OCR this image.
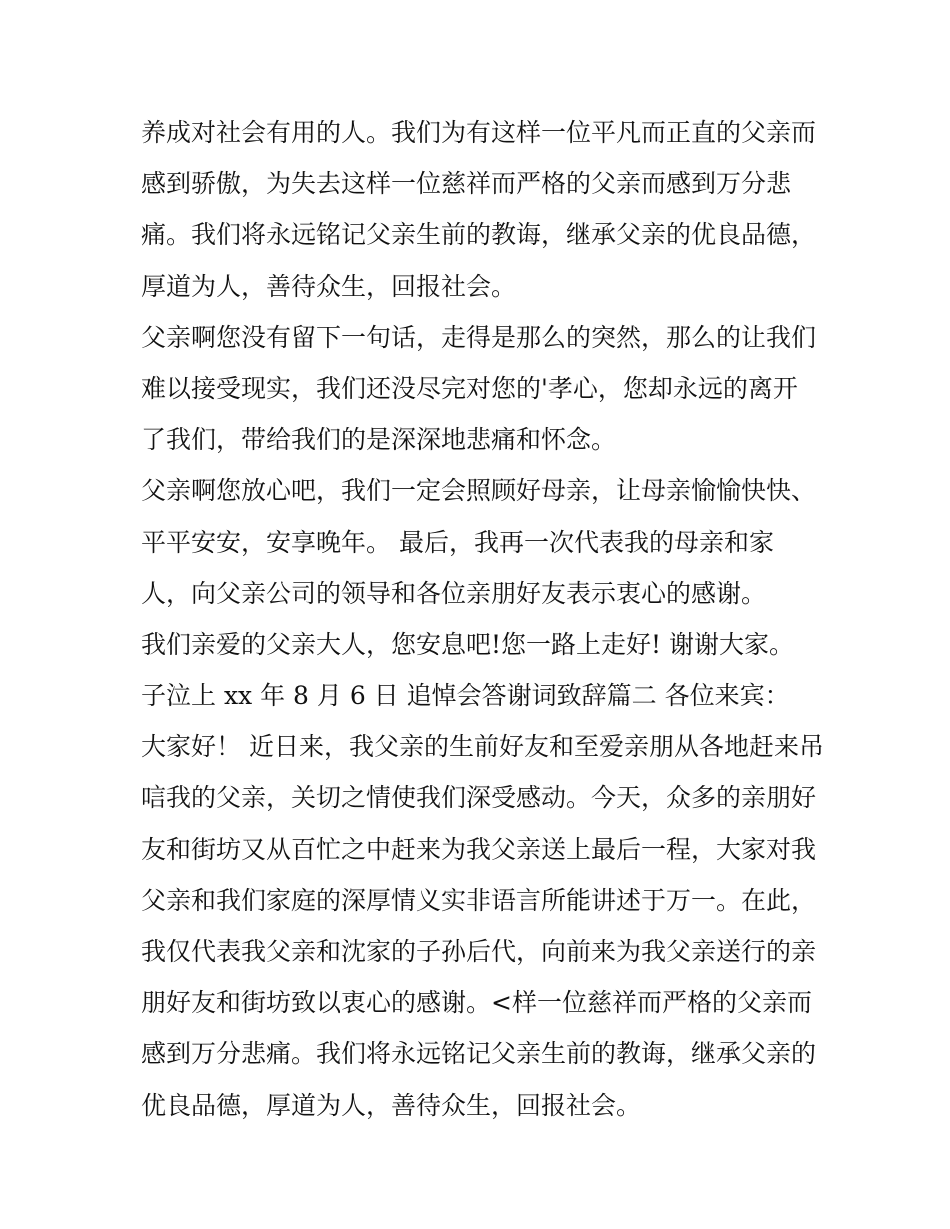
养成对社会有用的人。我们为有这样一位平凡而正直的父亲而
感到骄傲，为失去这样一位慈祥而严格的父亲而感到万分悲
痛。我们将永远铭记父亲生前的教诲，继承父亲的优良品德，
厚道为人，善待众生，回报社会。
父亲啊您没有留下一句话，走得是那么的突然，那么的让我们
难以接受现实，我们还没尽完对您的'孝心，您却永远的离开
了我们，带给我们的是深深地悲痛和怀念。
父亲啊您放心吧，我们一定会照顾好母亲，让母亲愉愉快快、
平平安安，安享晚年。 最后，我再一次代表我的母亲和家
人，向父亲公司的领导和各位亲朋好友表示衷心的感谢。
我们亲爱的父亲大人，您安息吧!您一路上走好! 谢谢大家。
子泣上 xx 年 8 月 6 日 追悼会答谢词致辞篇二 各位来宾：
大家好！ 近日来，我父亲的生前好友和至爱亲朋从各地赶来吊
唁我的父亲，关切之情使我们深受感动。今天，众多的亲朋好
友和街坊又从百忙之中赶来为我父亲送上最后一程，大家对我
父亲和我们家庭的深厚情义实非语言所能讲述于万一。在此，
我仅代表我父亲和沈家的子孙后代，向前来为我父亲送行的亲
朋好友和街坊致以衷心的感谢。<样一位慈祥而严格的父亲而
感到万分悲痛。我们将永远铭记父亲生前的教诲，继承父亲的
优良品德，厚道为人，善待众生，回报社会。
